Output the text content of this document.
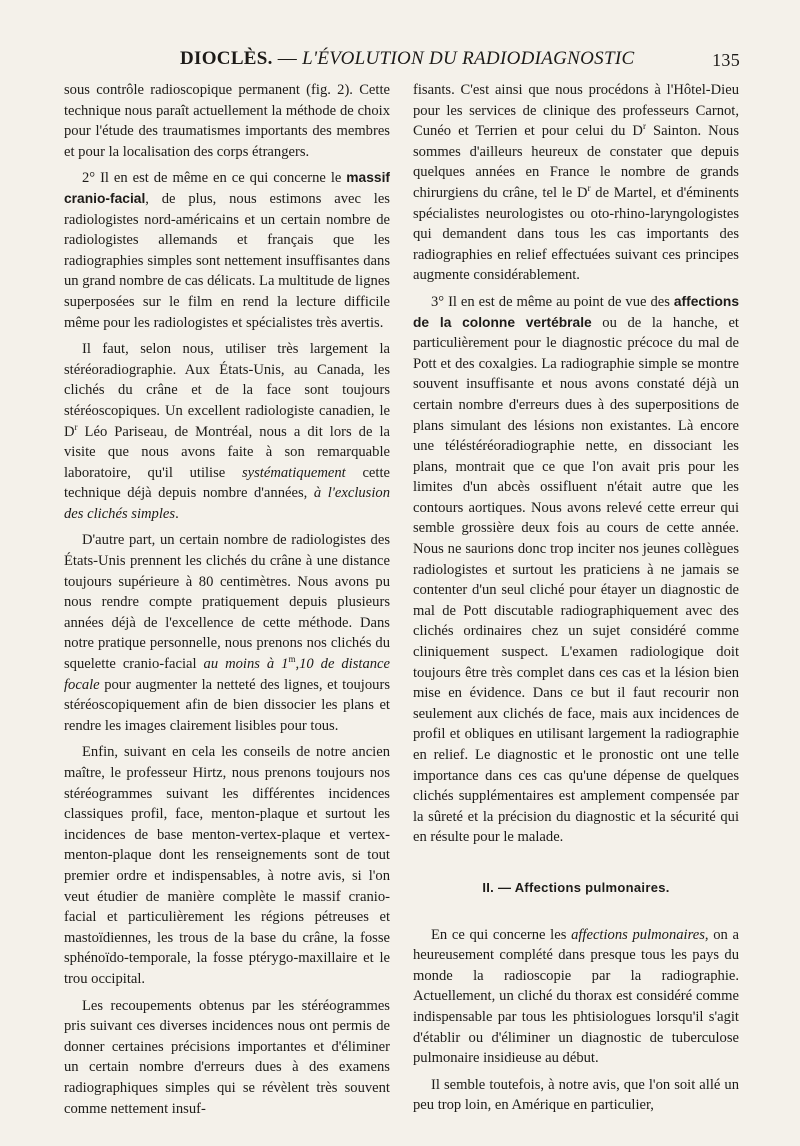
DIOCLÈS. — L'ÉVOLUTION DU RADIODIAGNOSTIC	135

sous contrôle radioscopique permanent (fig. 2). Cette technique nous paraît actuellement la méthode de choix pour l'étude des traumatismes importants des membres et pour la localisation des corps étrangers.

2° Il en est de même en ce qui concerne le massif cranio-facial, de plus, nous estimons avec les radiologistes nord-américains et un certain nombre de radiologistes allemands et français que les radiographies simples sont nettement insuffisantes dans un grand nombre de cas délicats. La multitude de lignes superposées sur le film en rend la lecture difficile même pour les radiologistes et spécialistes très avertis.

Il faut, selon nous, utiliser très largement la stéréoradiographie. Aux États-Unis, au Canada, les clichés du crâne et de la face sont toujours stéréoscopiques. Un excellent radiologiste canadien, le $D^r$ Léo Pariseau, de Montréal, nous a dit lors de la visite que nous avons faite à son remarquable laboratoire, qu'il utilise systématiquement cette technique déjà depuis nombre d'années, à l'exclusion des clichés simples.

D'autre part, un certain nombre de radiologistes des États-Unis prennent les clichés du crâne à une distance toujours supérieure à 80 centimètres. Nous avons pu nous rendre compte pratiquement depuis plusieurs années déjà de l'excellence de cette méthode. Dans notre pratique personnelle, nous prenons nos clichés du squelette cranio-facial au moins à 1$^m$,10 de distance focale pour augmenter la netteté des lignes, et toujours stéréoscopiquement afin de bien dissocier les plans et rendre les images clairement lisibles pour tous.

Enfin, suivant en cela les conseils de notre ancien maître, le professeur Hirtz, nous prenons toujours nos stéréogrammes suivant les différentes incidences classiques profil, face, menton-plaque et surtout les incidences de base menton-vertex-plaque et vertex-menton-plaque dont les renseignements sont de tout premier ordre et indispensables, à notre avis, si l'on veut étudier de manière complète le massif cranio-facial et particulièrement les régions pétreuses et mastoïdiennes, les trous de la base du crâne, la fosse sphénoïdo-temporale, la fosse ptérygo-maxillaire et le trou occipital.

Les recoupements obtenus par les stéréogrammes pris suivant ces diverses incidences nous ont permis de donner certaines précisions importantes et d'éliminer un certain nombre d'erreurs dues à des examens radiographiques simples qui se révèlent très souvent comme nettement insuf-

fisants. C'est ainsi que nous procédons à l'Hôtel-Dieu pour les services de clinique des professeurs Carnot, Cunéo et Terrien et pour celui du $D^r$ Sainton. Nous sommes d'ailleurs heureux de constater que depuis quelques années en France le nombre de grands chirurgiens du crâne, tel le $D^r$ de Martel, et d'éminents spécialistes neurologistes ou oto-rhino-laryngologistes qui demandent dans tous les cas importants des radiographies en relief effectuées suivant ces principes augmente considérablement.

3° Il en est de même au point de vue des affections de la colonne vertébrale ou de la hanche, et particulièrement pour le diagnostic précoce du mal de Pott et des coxalgies. La radiographie simple se montre souvent insuffisante et nous avons constaté déjà un certain nombre d'erreurs dues à des superpositions de plans simulant des lésions non existantes. Là encore une téléstéréoradiographie nette, en dissociant les plans, montrait que ce que l'on avait pris pour les limites d'un abcès ossifluent n'était autre que les contours aortiques. Nous avons relevé cette erreur qui semble grossière deux fois au cours de cette année. Nous ne saurions donc trop inciter nos jeunes collègues radiologistes et surtout les praticiens à ne jamais se contenter d'un seul cliché pour étayer un diagnostic de mal de Pott discutable radiographiquement avec des clichés ordinaires chez un sujet considéré comme cliniquement suspect. L'examen radiologique doit toujours être très complet dans ces cas et la lésion bien mise en évidence. Dans ce but il faut recourir non seulement aux clichés de face, mais aux incidences de profil et obliques en utilisant largement la radiographie en relief. Le diagnostic et le pronostic ont une telle importance dans ces cas qu'une dépense de quelques clichés supplémentaires est amplement compensée par la sûreté et la précision du diagnostic et la sécurité qui en résulte pour le malade.

II. — Affections pulmonaires.

En ce qui concerne les affections pulmonaires, on a heureusement complété dans presque tous les pays du monde la radioscopie par la radiographie. Actuellement, un cliché du thorax est considéré comme indispensable par tous les phtisiologues lorsqu'il s'agit d'établir ou d'éliminer un diagnostic de tuberculose pulmonaire insidieuse au début.

Il semble toutefois, à notre avis, que l'on soit allé un peu trop loin, en Amérique en particulier,
